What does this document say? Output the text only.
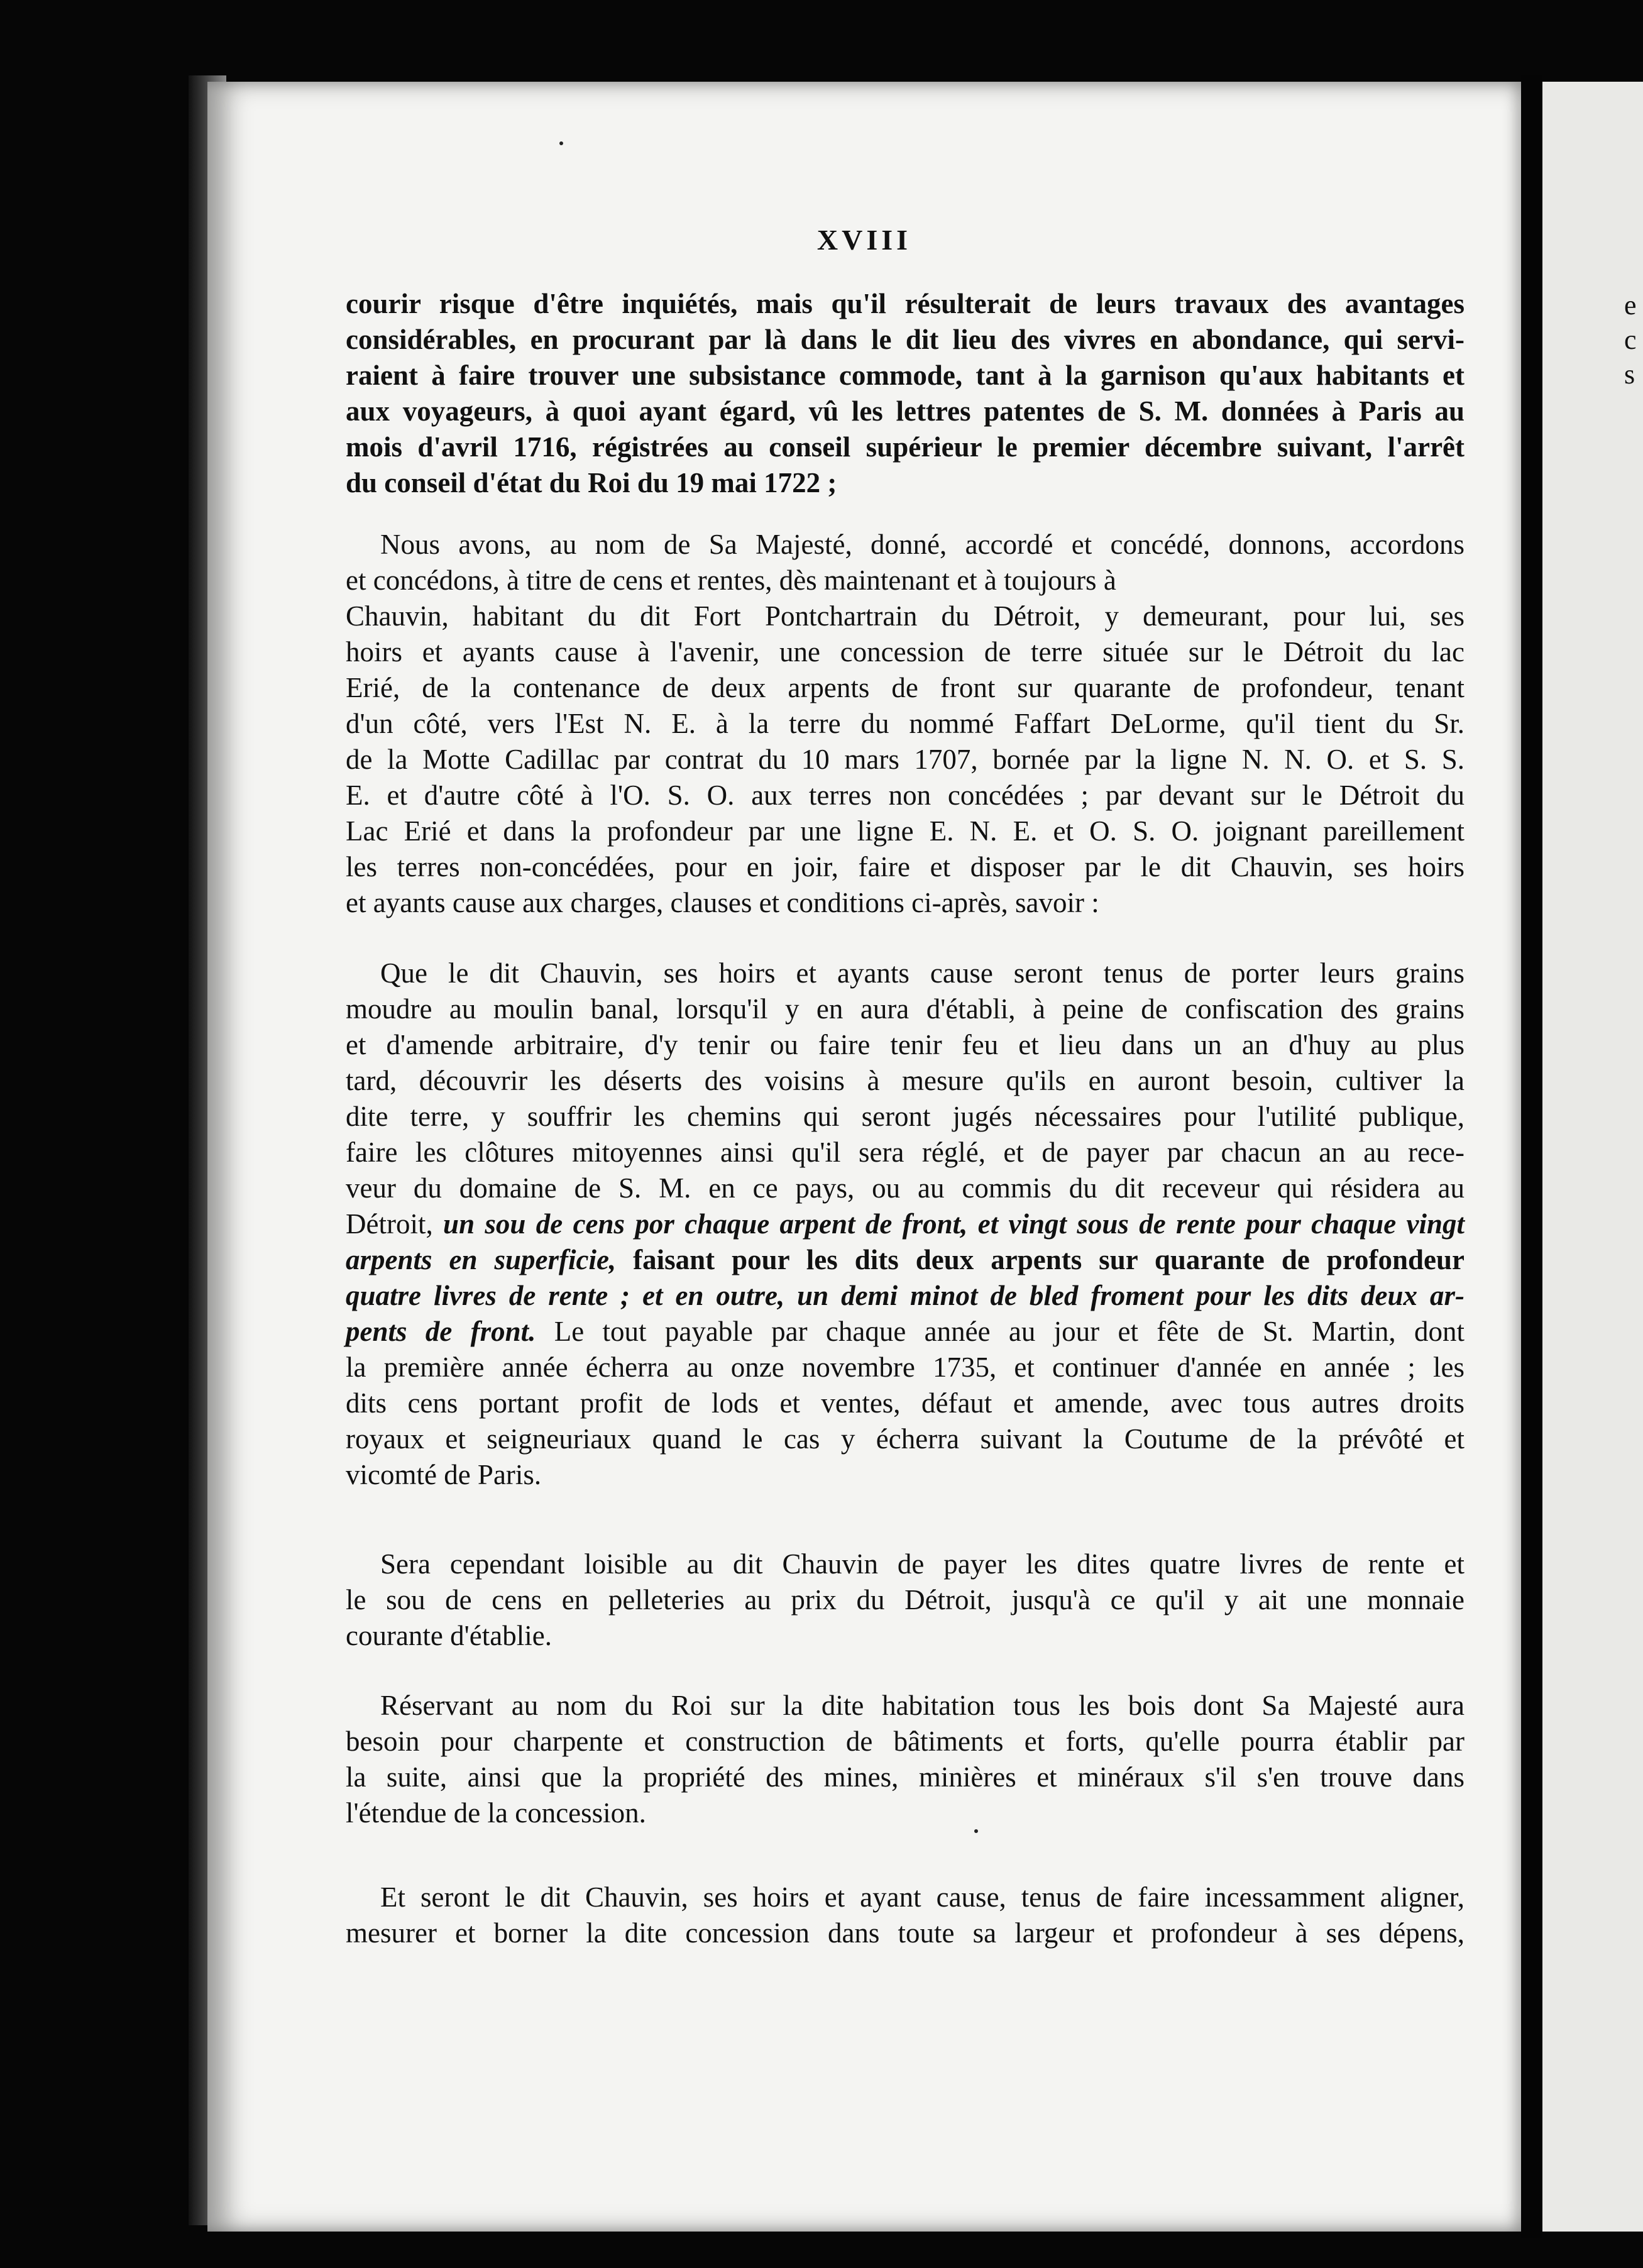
XVIII
courir risque d'être inquiétés, mais qu'il résulterait de leurs travaux des avantages
considérables, en procurant par là dans le dit lieu des vivres en abondance, qui servi-
raient à faire trouver une subsistance commode, tant à la garnison qu'aux habitants et
aux voyageurs, à quoi ayant égard, vû les lettres patentes de S. M. données à Paris au
mois d'avril 1716, régistrées au conseil supérieur le premier décembre suivant, l'arrêt
du conseil d'état du Roi du 19 mai 1722 ;
Nous avons, au nom de Sa Majesté, donné, accordé et concédé, donnons, accordons
et concédons, à titre de cens et rentes, dès maintenant et à toujours à
Chauvin, habitant du dit Fort Pontchartrain du Détroit, y demeurant, pour lui, ses
hoirs et ayants cause à l'avenir, une concession de terre située sur le Détroit du lac
Erié, de la contenance de deux arpents de front sur quarante de profondeur, tenant
d'un côté, vers l'Est N. E. à la terre du nommé Faffart DeLorme, qu'il tient du Sr.
de la Motte Cadillac par contrat du 10 mars 1707, bornée par la ligne N. N. O. et S. S.
E. et d'autre côté à l'O. S. O. aux terres non concédées ; par devant sur le Détroit du
Lac Erié et dans la profondeur par une ligne E. N. E. et O. S. O. joignant pareillement
les terres non-concédées, pour en joir, faire et disposer par le dit Chauvin, ses hoirs
et ayants cause aux charges, clauses et conditions ci-après, savoir :
Que le dit Chauvin, ses hoirs et ayants cause seront tenus de porter leurs grains
moudre au moulin banal, lorsqu'il y en aura d'établi, à peine de confiscation des grains
et d'amende arbitraire, d'y tenir ou faire tenir feu et lieu dans un an d'huy au plus
tard, découvrir les déserts des voisins à mesure qu'ils en auront besoin, cultiver la
dite terre, y souffrir les chemins qui seront jugés nécessaires pour l'utilité publique,
faire les clôtures mitoyennes ainsi qu'il sera réglé, et de payer par chacun an au rece-
veur du domaine de S. M. en ce pays, ou au commis du dit receveur qui résidera au
Détroit, un sou de cens por chaque arpent de front, et vingt sous de rente pour chaque vingt
arpents en superficie, faisant pour les dits deux arpents sur quarante de profondeur
quatre livres de rente ; et en outre, un demi minot de bled froment pour les dits deux ar-
pents de front. Le tout payable par chaque année au jour et fête de St. Martin, dont
la première année écherra au onze novembre 1735, et continuer d'année en année ; les
dits cens portant profit de lods et ventes, défaut et amende, avec tous autres droits
royaux et seigneuriaux quand le cas y écherra suivant la Coutume de la prévôté et
vicomté de Paris.
Sera cependant loisible au dit Chauvin de payer les dites quatre livres de rente et
le sou de cens en pelleteries au prix du Détroit, jusqu'à ce qu'il y ait une monnaie
courante d'établie.
Réservant au nom du Roi sur la dite habitation tous les bois dont Sa Majesté aura
besoin pour charpente et construction de bâtiments et forts, qu'elle pourra établir par
la suite, ainsi que la propriété des mines, minières et minéraux s'il s'en trouve dans
l'étendue de la concession.
Et seront le dit Chauvin, ses hoirs et ayant cause, tenus de faire incessamment aligner,
mesurer et borner la dite concession dans toute sa largeur et profondeur à ses dépens,
e
c
s
